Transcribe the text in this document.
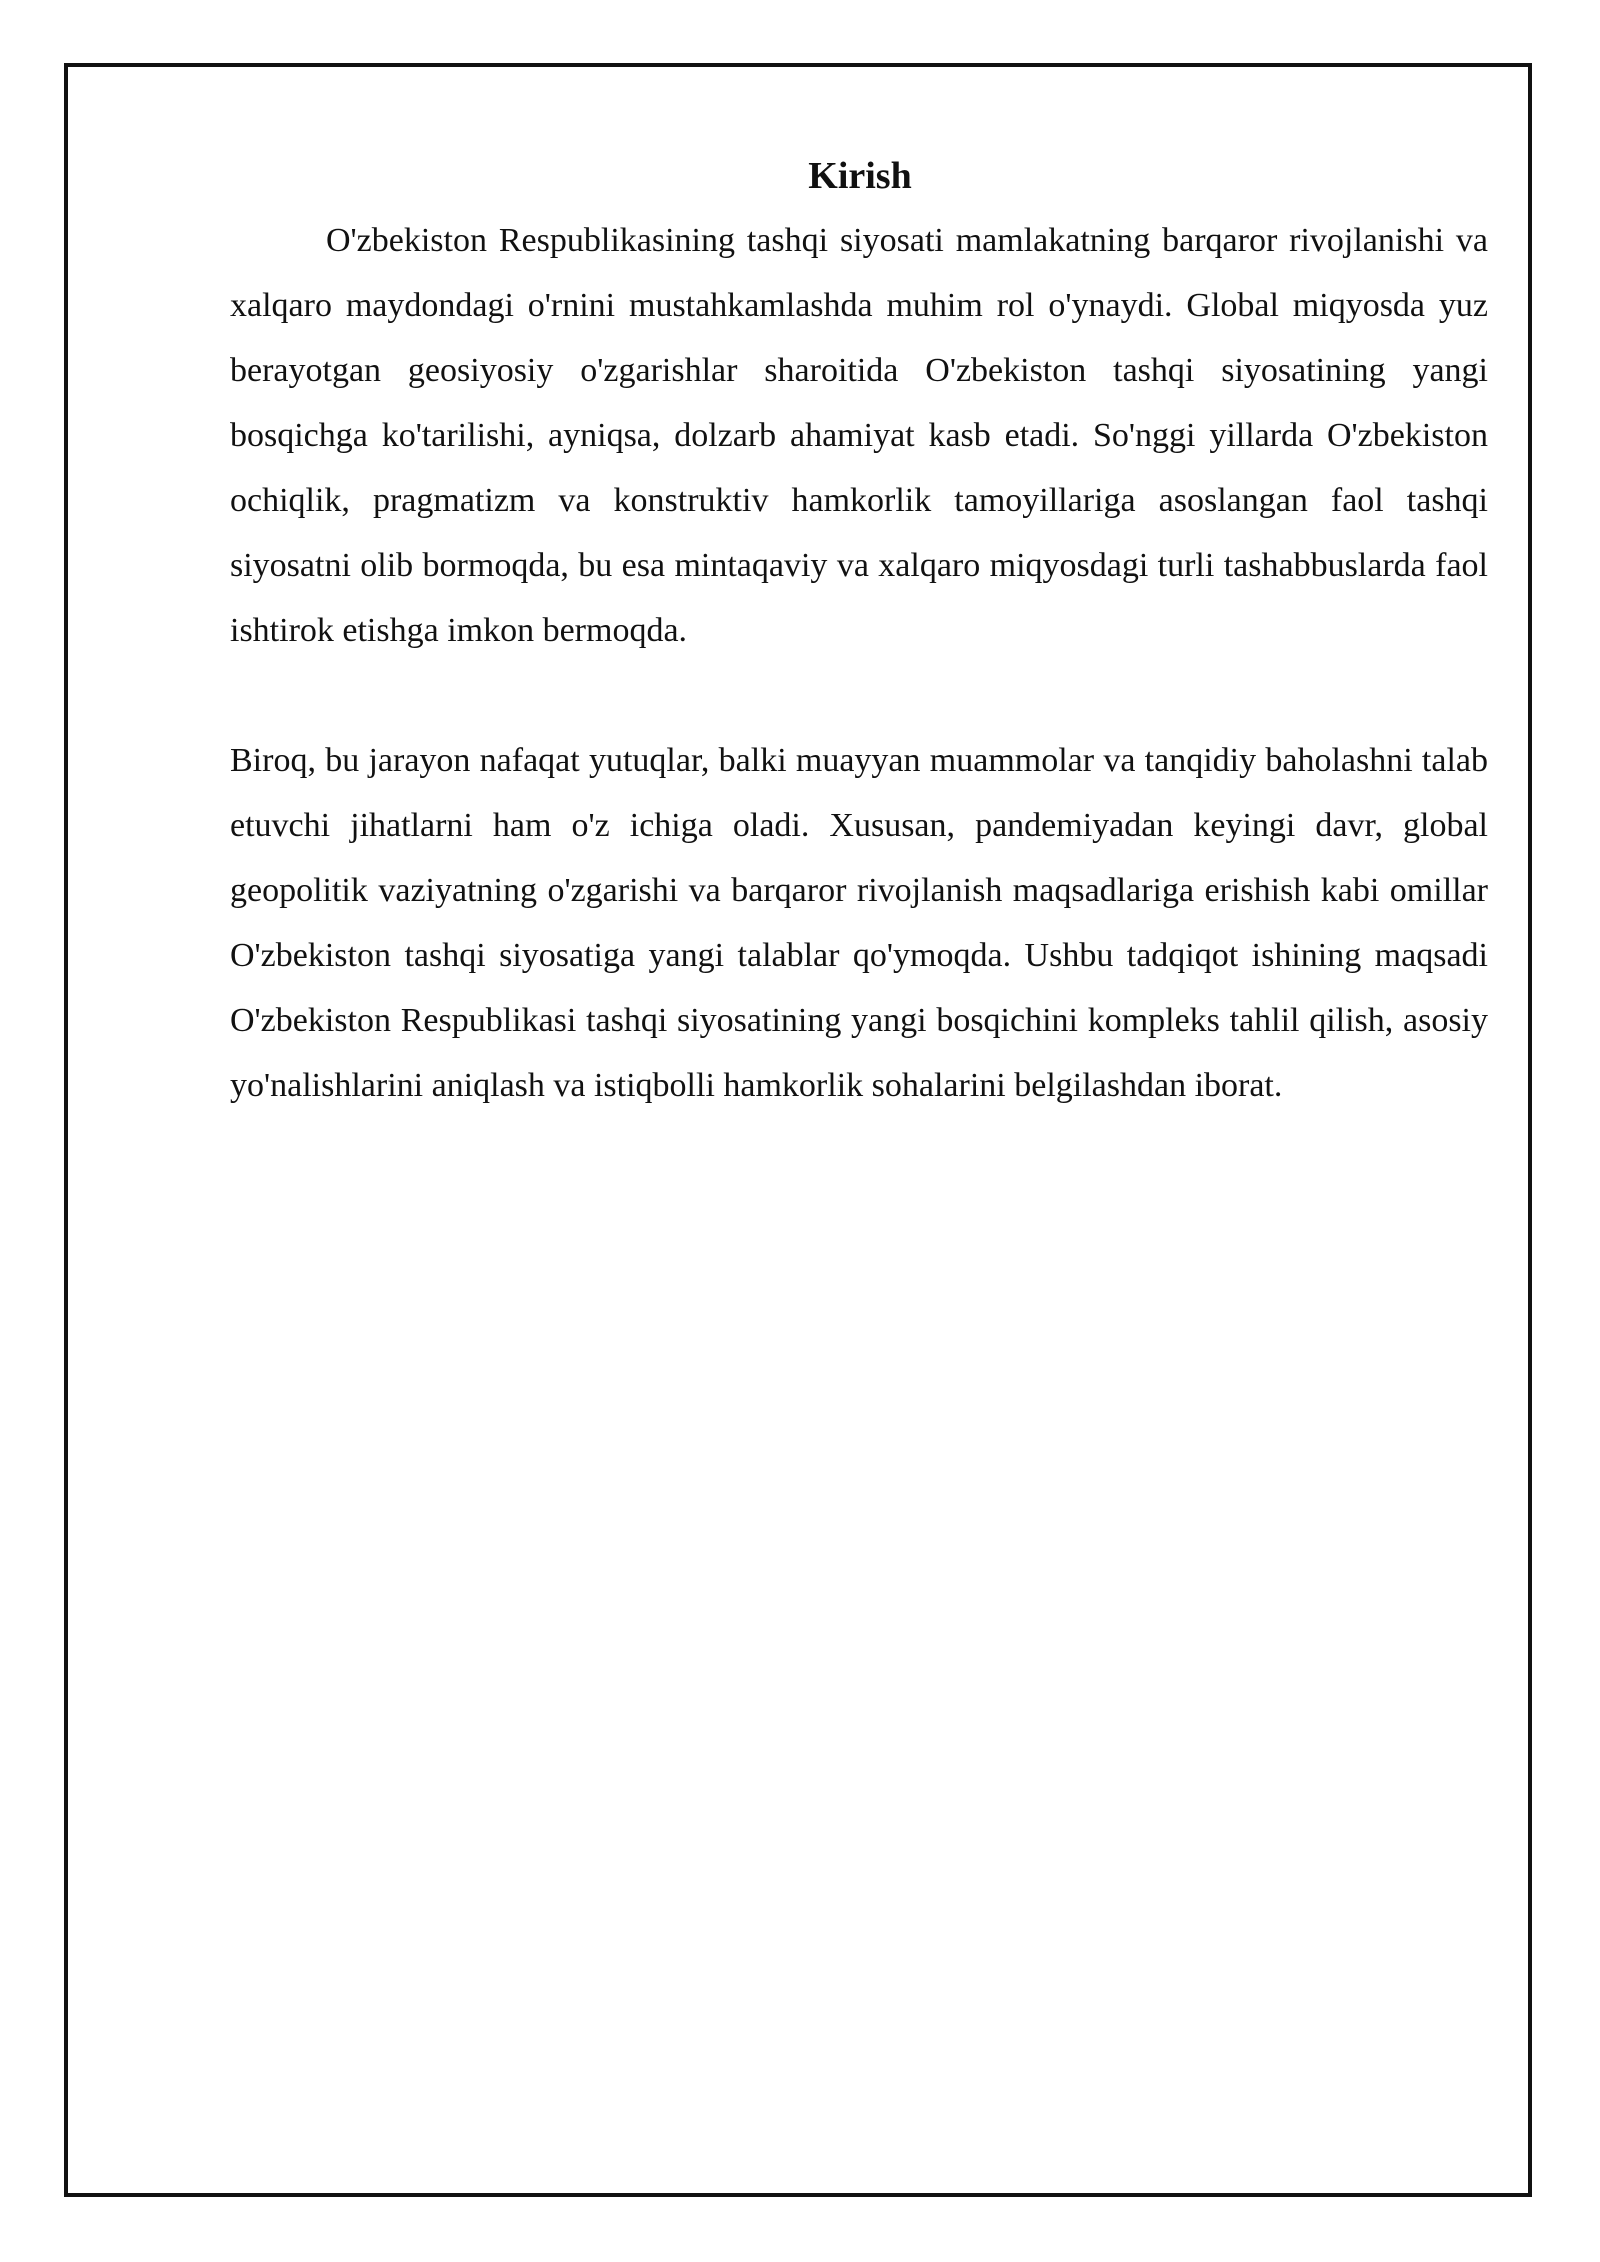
Kirish

O'zbekiston Respublikasining tashqi siyosati mamlakatning barqaror rivojlanishi va xalqaro maydondagi o'rnini mustahkamlashda muhim rol o'ynaydi. Global miqyosda yuz berayotgan geosiyosiy o'zgarishlar sharoitida O'zbekiston tashqi siyosatining yangi bosqichga ko'tarilishi, ayniqsa, dolzarb ahamiyat kasb etadi. So'nggi yillarda O'zbekiston ochiqlik, pragmatizm va konstruktiv hamkorlik tamoyillariga asoslangan faol tashqi siyosatni olib bormoqda, bu esa mintaqaviy va xalqaro miqyosdagi turli tashabbuslarda faol ishtirok etishga imkon bermoqda.

Biroq, bu jarayon nafaqat yutuqlar, balki muayyan muammolar va tanqidiy baholashni talab etuvchi jihatlarni ham o'z ichiga oladi. Xususan, pandemiyadan keyingi davr, global geopolitik vaziyatning o'zgarishi va barqaror rivojlanish maqsadlariga erishish kabi omillar O'zbekiston tashqi siyosatiga yangi talablar qo'ymoqda. Ushbu tadqiqot ishining maqsadi O'zbekiston Respublikasi tashqi siyosatining yangi bosqichini kompleks tahlil qilish, asosiy yo'nalishlarini aniqlash va istiqbolli hamkorlik sohalarini belgilashdan iborat.
